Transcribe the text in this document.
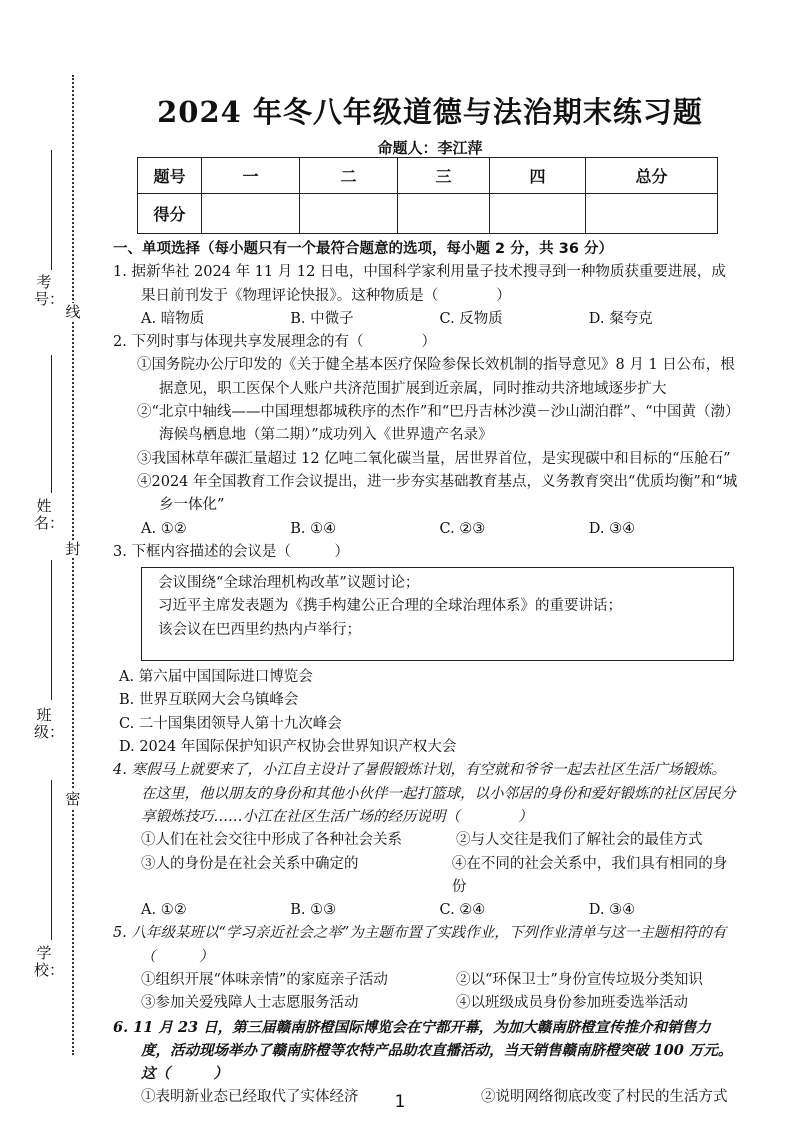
线
封
密
考号：
姓名：
班级：
学校：
2024 年冬八年级道德与法治期末练习题
命题人：李江萍
题号	一	二	三	四	总分
得分					

一、单项选择（每小题只有一个最符合题意的选项，每小题 2 分，共 36 分）

1. 据新华社 2024 年 11 月 12 日电，中国科学家利用量子技术搜寻到一种物质获重要进展，成果日前刊发于《物理评论快报》。这种物质是（　　　　）

A. 暗物质	B. 中微子	C. 反物质	D. 粲夸克

2. 下列时事与体现共享发展理念的有（　　　　）

①国务院办公厅印发的《关于健全基本医疗保险参保长效机制的指导意见》8 月 1 日公布，根据意见，职工医保个人账户共济范围扩展到近亲属，同时推动共济地域逐步扩大

②“北京中轴线——中国理想都城秩序的杰作”和“巴丹吉林沙漠－沙山湖泊群”、“中国黄（渤）海候鸟栖息地（第二期）”成功列入《世界遗产名录》

③我国林草年碳汇量超过 12 亿吨二氧化碳当量，居世界首位，是实现碳中和目标的“压舱石”

④2024 年全国教育工作会议提出，进一步夯实基础教育基点，义务教育突出“优质均衡”和“城乡一体化”

A. ①②	B. ①④	C. ②③	D. ③④

3. 下框内容描述的会议是（　　　）

会议围绕“全球治理机构改革”议题讨论；

习近平主席发表题为《携手构建公正合理的全球治理体系》的重要讲话；

该会议在巴西里约热内卢举行；

A. 第六届中国国际进口博览会

B. 世界互联网大会乌镇峰会

C. 二十国集团领导人第十九次峰会

D. 2024 年国际保护知识产权协会世界知识产权大会

4. 寒假马上就要来了，小江自主设计了暑假锻炼计划，有空就和爷爷一起去社区生活广场锻炼。在这里，他以朋友的身份和其他小伙伴一起打篮球，以小邻居的身份和爱好锻炼的社区居民分享锻炼技巧……小江在社区生活广场的经历说明（　　　　）

①人们在社会交往中形成了各种社会关系	②与人交往是我们了解社会的最佳方式
③人的身份是在社会关系中确定的	④在不同的社会关系中，我们具有相同的身份
A. ①②	B. ①③	C. ②④	D. ③④

5. 八年级某班以“学习亲近社会之举”为主题布置了实践作业，下列作业清单与这一主题相符的有（　　　）

①组织开展“体味亲情”的家庭亲子活动	②以“环保卫士”身份宣传垃圾分类知识
③参加关爱残障人士志愿服务活动	④以班级成员身份参加班委选举活动

6. 11 月 23 日，第三届赣南脐橙国际博览会在宁都开幕，为加大赣南脐橙宣传推介和销售力度，活动现场举办了赣南脐橙等农特产品助农直播活动，当天销售赣南脐橙突破 100 万元。这（　　　）

①表明新业态已经取代了实体经济	②说明网络彻底改变了村民的生活方式
1
